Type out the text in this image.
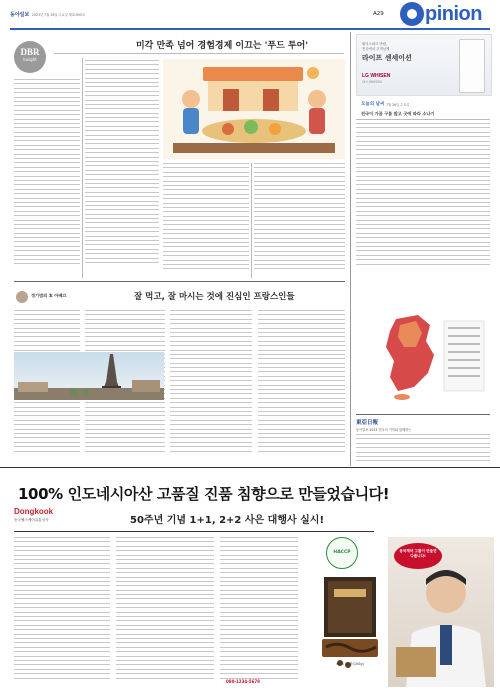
동아일보 2023년 7월 26일 수요일 제31995호	A29 pinion
DBR
Insight
미각 만족 넘어 경험경제 이끄는 '푸드 투어'	휘닉스파크 만원,
전국에서 고객님께
라이프 센세이션
LG WHISEN
Oh! WHISEN
오늘의 날씨 7월 26일 수요일
전국이 가끔 구름 많고 곳에 따라 소나기
정기범의 本 아베끄	잘 먹고, 잘 마시는 것에 진심인 프랑스인들
東亞日報
동아일보 2023 전국의 기자와 함께하는
100% 인도네시아산 고품질 진품 침향으로 만들었습니다!
Dongkook
동국헬스케어유통상사	50주년 기념 1+1, 2+2 사은 대행사 실시!
HACCP
4g X 25환(100g)
동국제약 그룹이 만들면 다릅니다!
080-1234-5678
